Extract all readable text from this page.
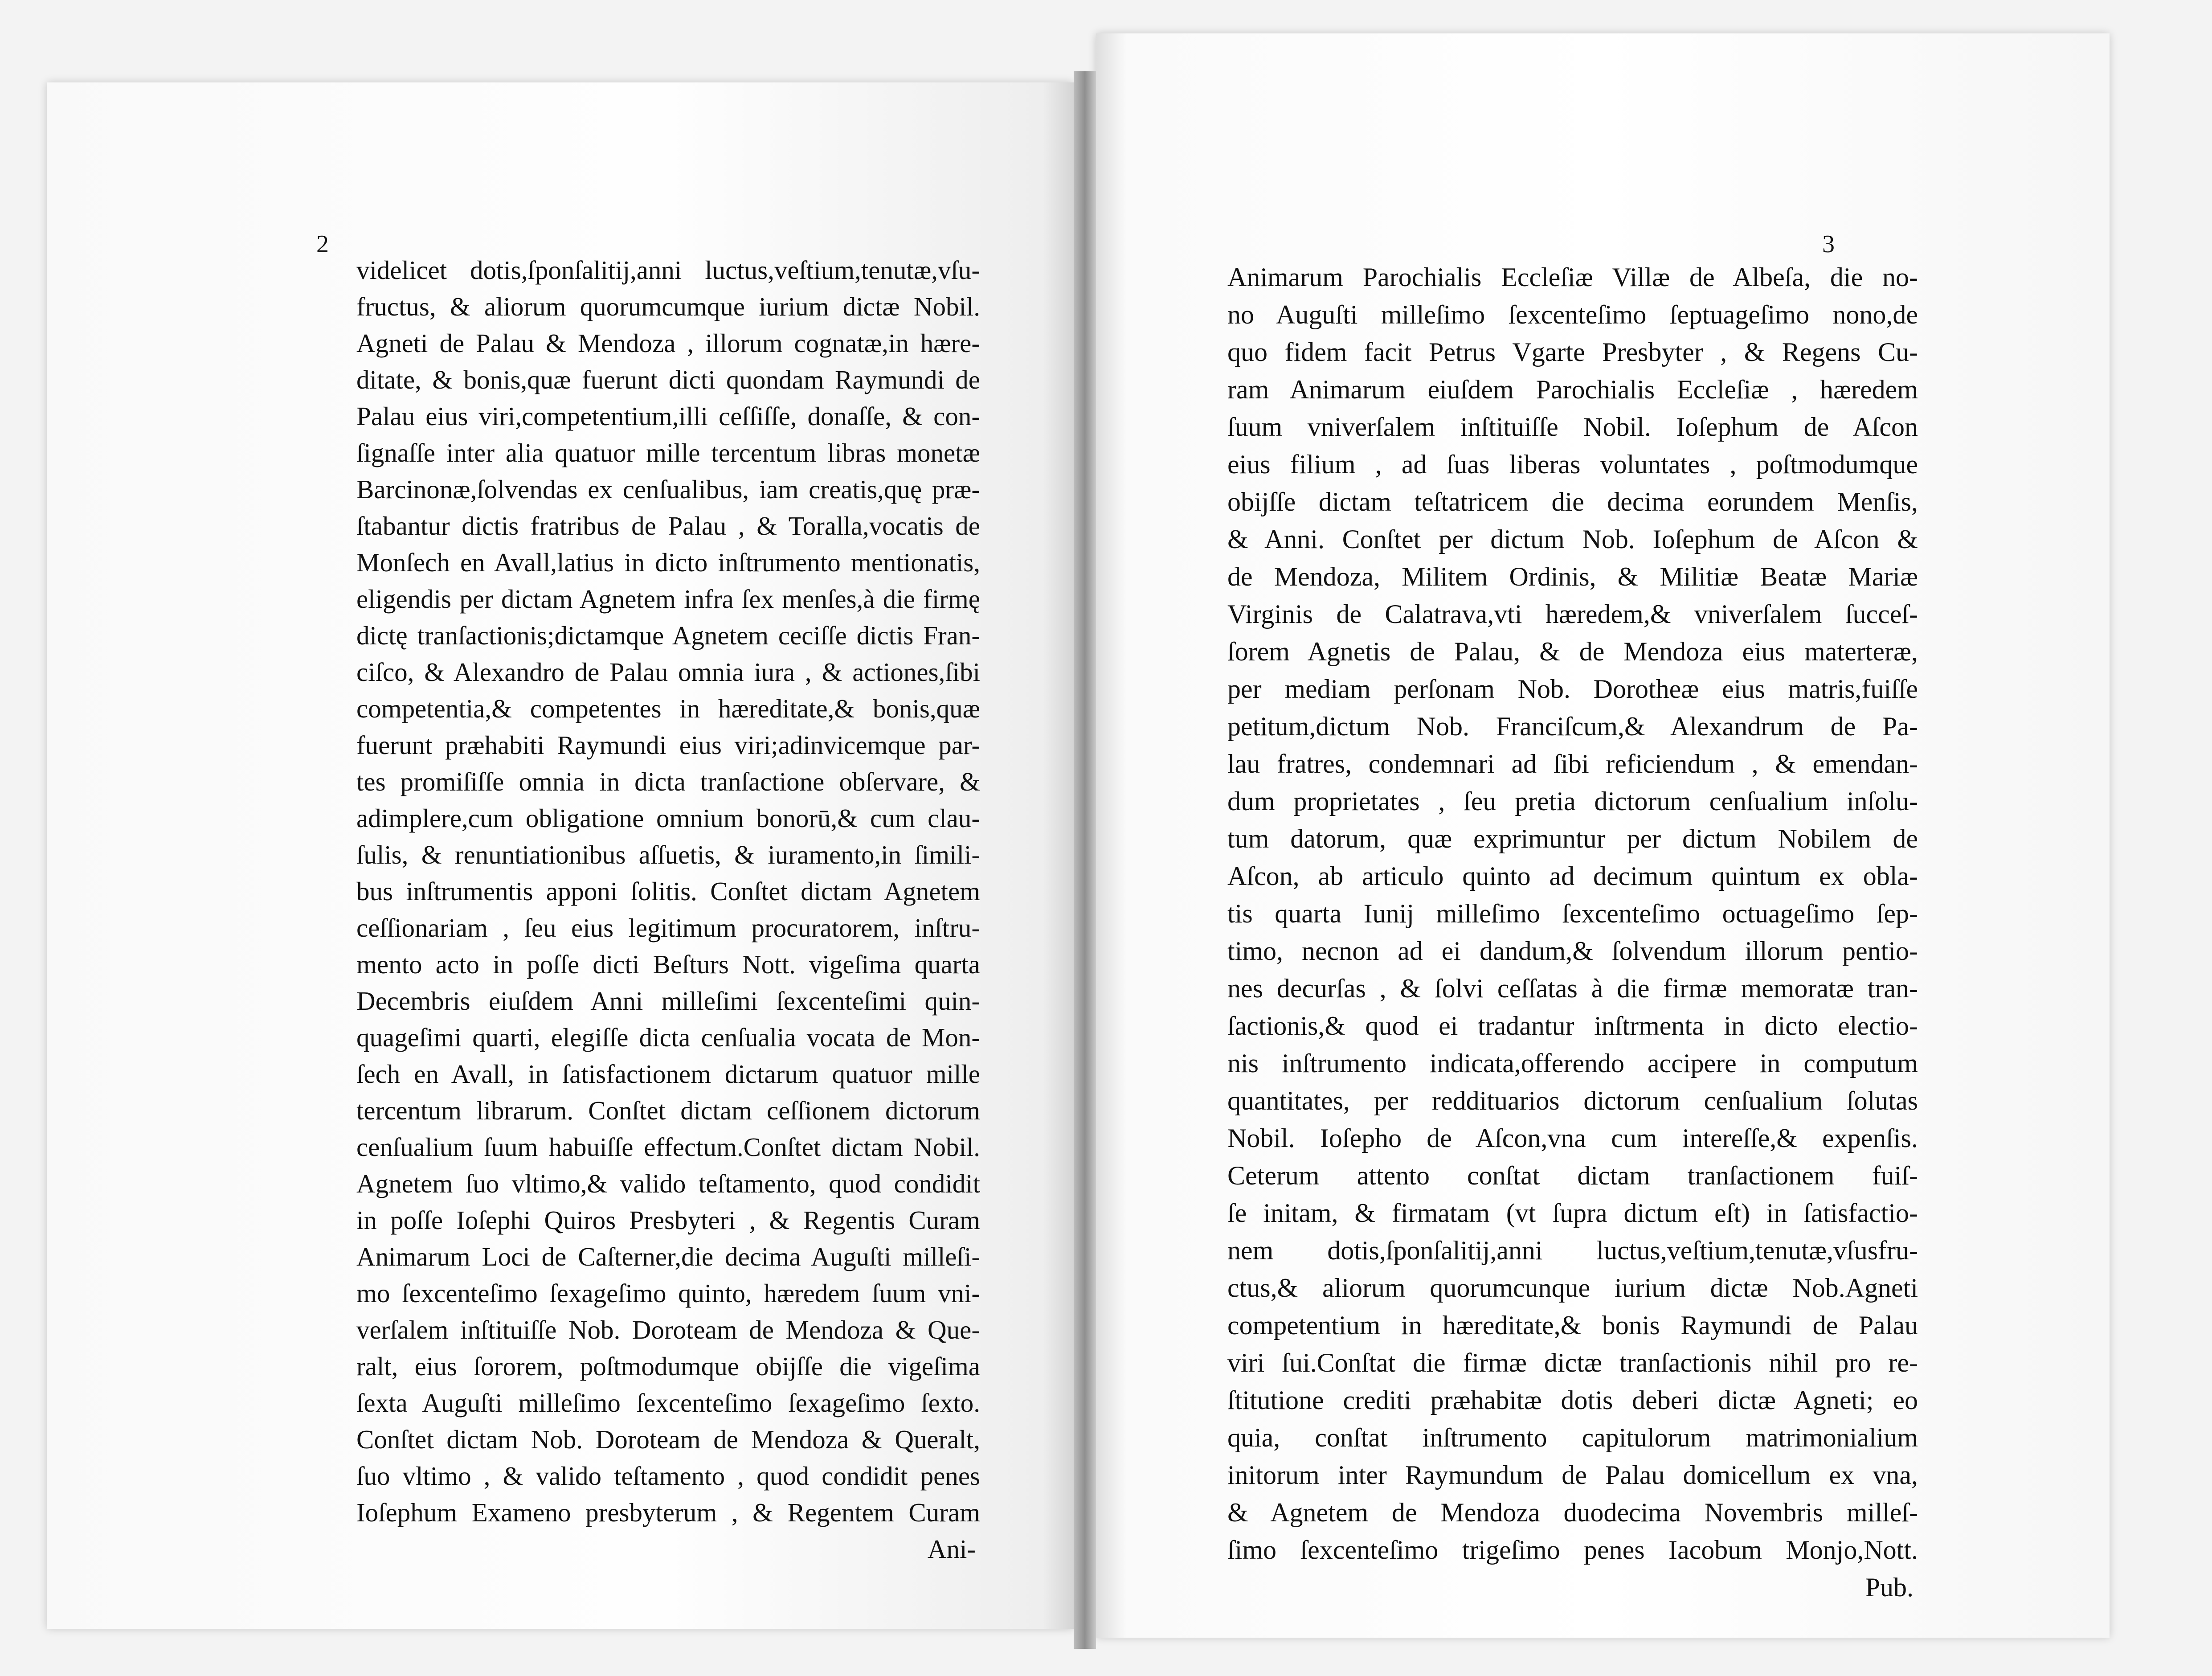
2	3
videlicet dotis,ſponſalitij,anni luctus,veſtium,tenutæ,vſu-
fructus, & aliorum quorumcumque iurium dictæ Nobil.
Agneti de Palau & Mendoza , illorum cognatæ,in hære-
ditate, & bonis,quæ fuerunt dicti quondam Raymundi de
Palau eius viri,competentium,illi ceſſiſſe, donaſſe, & con-
ſignaſſe inter alia quatuor mille tercentum libras monetæ
Barcinonæ,ſolvendas ex cenſualibus, iam creatis,quę præ-
ſtabantur dictis fratribus de Palau , & Toralla,vocatis de
Monſech en Avall,latius in dicto inſtrumento mentionatis,
eligendis per dictam Agnetem infra ſex menſes,à die firmę
dictę tranſactionis;dictamque Agnetem ceciſſe dictis Fran-
ciſco, & Alexandro de Palau omnia iura , & actiones,ſibi
competentia,& competentes in hæreditate,& bonis,quæ
fuerunt præhabiti Raymundi eius viri;adinvicemque par-
tes promiſiſſe omnia in dicta tranſactione obſervare, &
adimplere,cum obligatione omnium bonorū,& cum clau-
ſulis, & renuntiationibus aſſuetis, & iuramento,in ſimili-
bus inſtrumentis apponi ſolitis. Conſtet dictam Agnetem
ceſſionariam , ſeu eius legitimum procuratorem, inſtru-
mento acto in poſſe dicti Beſturs Nott. vigeſima quarta
Decembris eiuſdem Anni milleſimi ſexcenteſimi quin-
quageſimi quarti, elegiſſe dicta cenſualia vocata de Mon-
ſech en Avall, in ſatisfactionem dictarum quatuor mille
tercentum librarum. Conſtet dictam ceſſionem dictorum
cenſualium ſuum habuiſſe effectum.Conſtet dictam Nobil.
Agnetem ſuo vltimo,& valido teſtamento, quod condidit
in poſſe Ioſephi Quiros Presbyteri , & Regentis Curam
Animarum Loci de Caſterner,die decima Auguſti milleſi-
mo ſexcenteſimo ſexageſimo quinto, hæredem ſuum vni-
verſalem inſtituiſſe Nob. Doroteam de Mendoza & Que-
ralt, eius ſororem, poſtmodumque obijſſe die vigeſima
ſexta Auguſti milleſimo ſexcenteſimo ſexageſimo ſexto.
Conſtet dictam Nob. Doroteam de Mendoza & Queralt,
ſuo vltimo , & valido teſtamento , quod condidit penes
Ioſephum Exameno presbyterum , & Regentem Curam
Ani-
Animarum Parochialis Eccleſiæ Villæ de Albeſa, die no-
no Auguſti milleſimo ſexcenteſimo ſeptuageſimo nono,de
quo fidem facit Petrus Vgarte Presbyter , & Regens Cu-
ram Animarum eiuſdem Parochialis Eccleſiæ , hæredem
ſuum vniverſalem inſtituiſſe Nobil. Ioſephum de Aſcon
eius filium , ad ſuas liberas voluntates , poſtmodumque
obijſſe dictam teſtatricem die decima eorundem Menſis,
& Anni. Conſtet per dictum Nob. Ioſephum de Aſcon &
de Mendoza, Militem Ordinis, & Militiæ Beatæ Mariæ
Virginis de Calatrava,vti hæredem,& vniverſalem ſucceſ-
ſorem Agnetis de Palau, & de Mendoza eius materteræ,
per mediam perſonam Nob. Dorotheæ eius matris,fuiſſe
petitum,dictum Nob. Franciſcum,& Alexandrum de Pa-
lau fratres, condemnari ad ſibi reficiendum , & emendan-
dum proprietates , ſeu pretia dictorum cenſualium inſolu-
tum datorum, quæ exprimuntur per dictum Nobilem de
Aſcon, ab articulo quinto ad decimum quintum ex obla-
tis quarta Iunij milleſimo ſexcenteſimo octuageſimo ſep-
timo, necnon ad ei dandum,& ſolvendum illorum pentio-
nes decurſas , & ſolvi ceſſatas à die firmæ memoratæ tran-
ſactionis,& quod ei tradantur inſtrmenta in dicto electio-
nis inſtrumento indicata,offerendo accipere in computum
quantitates, per reddituarios dictorum cenſualium ſolutas
Nobil. Ioſepho de Aſcon,vna cum intereſſe,& expenſis.
Ceterum attento conſtat dictam tranſactionem fuiſ-
ſe initam, & firmatam (vt ſupra dictum eſt) in ſatisfactio-
nem dotis,ſponſalitij,anni luctus,veſtium,tenutæ,vſusfru-
ctus,& aliorum quorumcunque iurium dictæ Nob.Agneti
competentium in hæreditate,& bonis Raymundi de Palau
viri ſui.Conſtat die firmæ dictæ tranſactionis nihil pro re-
ſtitutione crediti præhabitæ dotis deberi dictæ Agneti; eo
quia, conſtat inſtrumento capitulorum matrimonialium
initorum inter Raymundum de Palau domicellum ex vna,
& Agnetem de Mendoza duodecima Novembris milleſ-
ſimo ſexcenteſimo trigeſimo penes Iacobum Monjo,Nott.
Pub.
